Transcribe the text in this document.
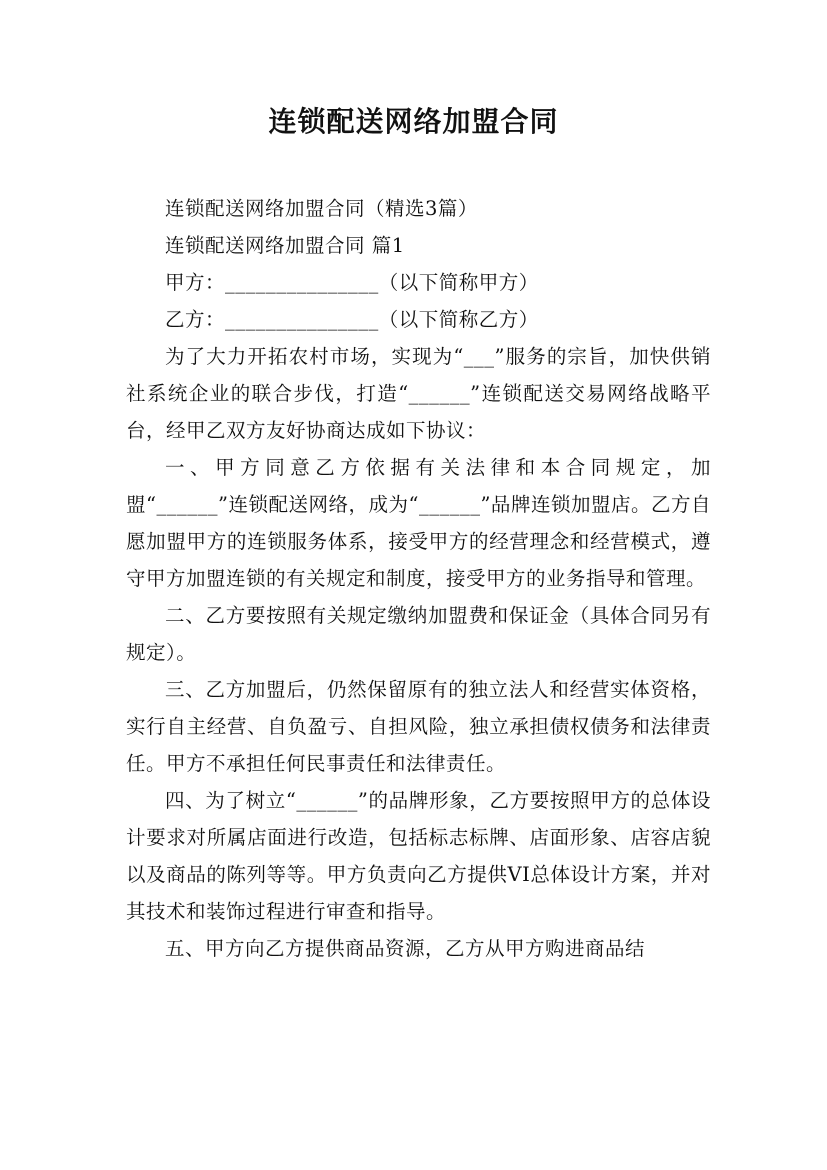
连锁配送网络加盟合同

连锁配送网络加盟合同（精选3篇）

连锁配送网络加盟合同 篇1

甲方：_______________（以下简称甲方）

乙方：_______________（以下简称乙方）

为了大力开拓农村市场，实现为“___”服务的宗旨，加快供销社系统企业的联合步伐，打造“______”连锁配送交易网络战略平台，经甲乙双方友好协商达成如下协议：

一、甲方同意乙方依据有关法律和本合同规定，加盟“______”连锁配送网络，成为“______”品牌连锁加盟店。乙方自愿加盟甲方的连锁服务体系，接受甲方的经营理念和经营模式，遵守甲方加盟连锁的有关规定和制度，接受甲方的业务指导和管理。

二、乙方要按照有关规定缴纳加盟费和保证金（具体合同另有规定）。

三、乙方加盟后，仍然保留原有的独立法人和经营实体资格，实行自主经营、自负盈亏、自担风险，独立承担债权债务和法律责任。甲方不承担任何民事责任和法律责任。

四、为了树立“______”的品牌形象，乙方要按照甲方的总体设计要求对所属店面进行改造，包括标志标牌、店面形象、店容店貌以及商品的陈列等等。甲方负责向乙方提供VI总体设计方案，并对其技术和装饰过程进行审查和指导。

五、甲方向乙方提供商品资源，乙方从甲方购进商品结
